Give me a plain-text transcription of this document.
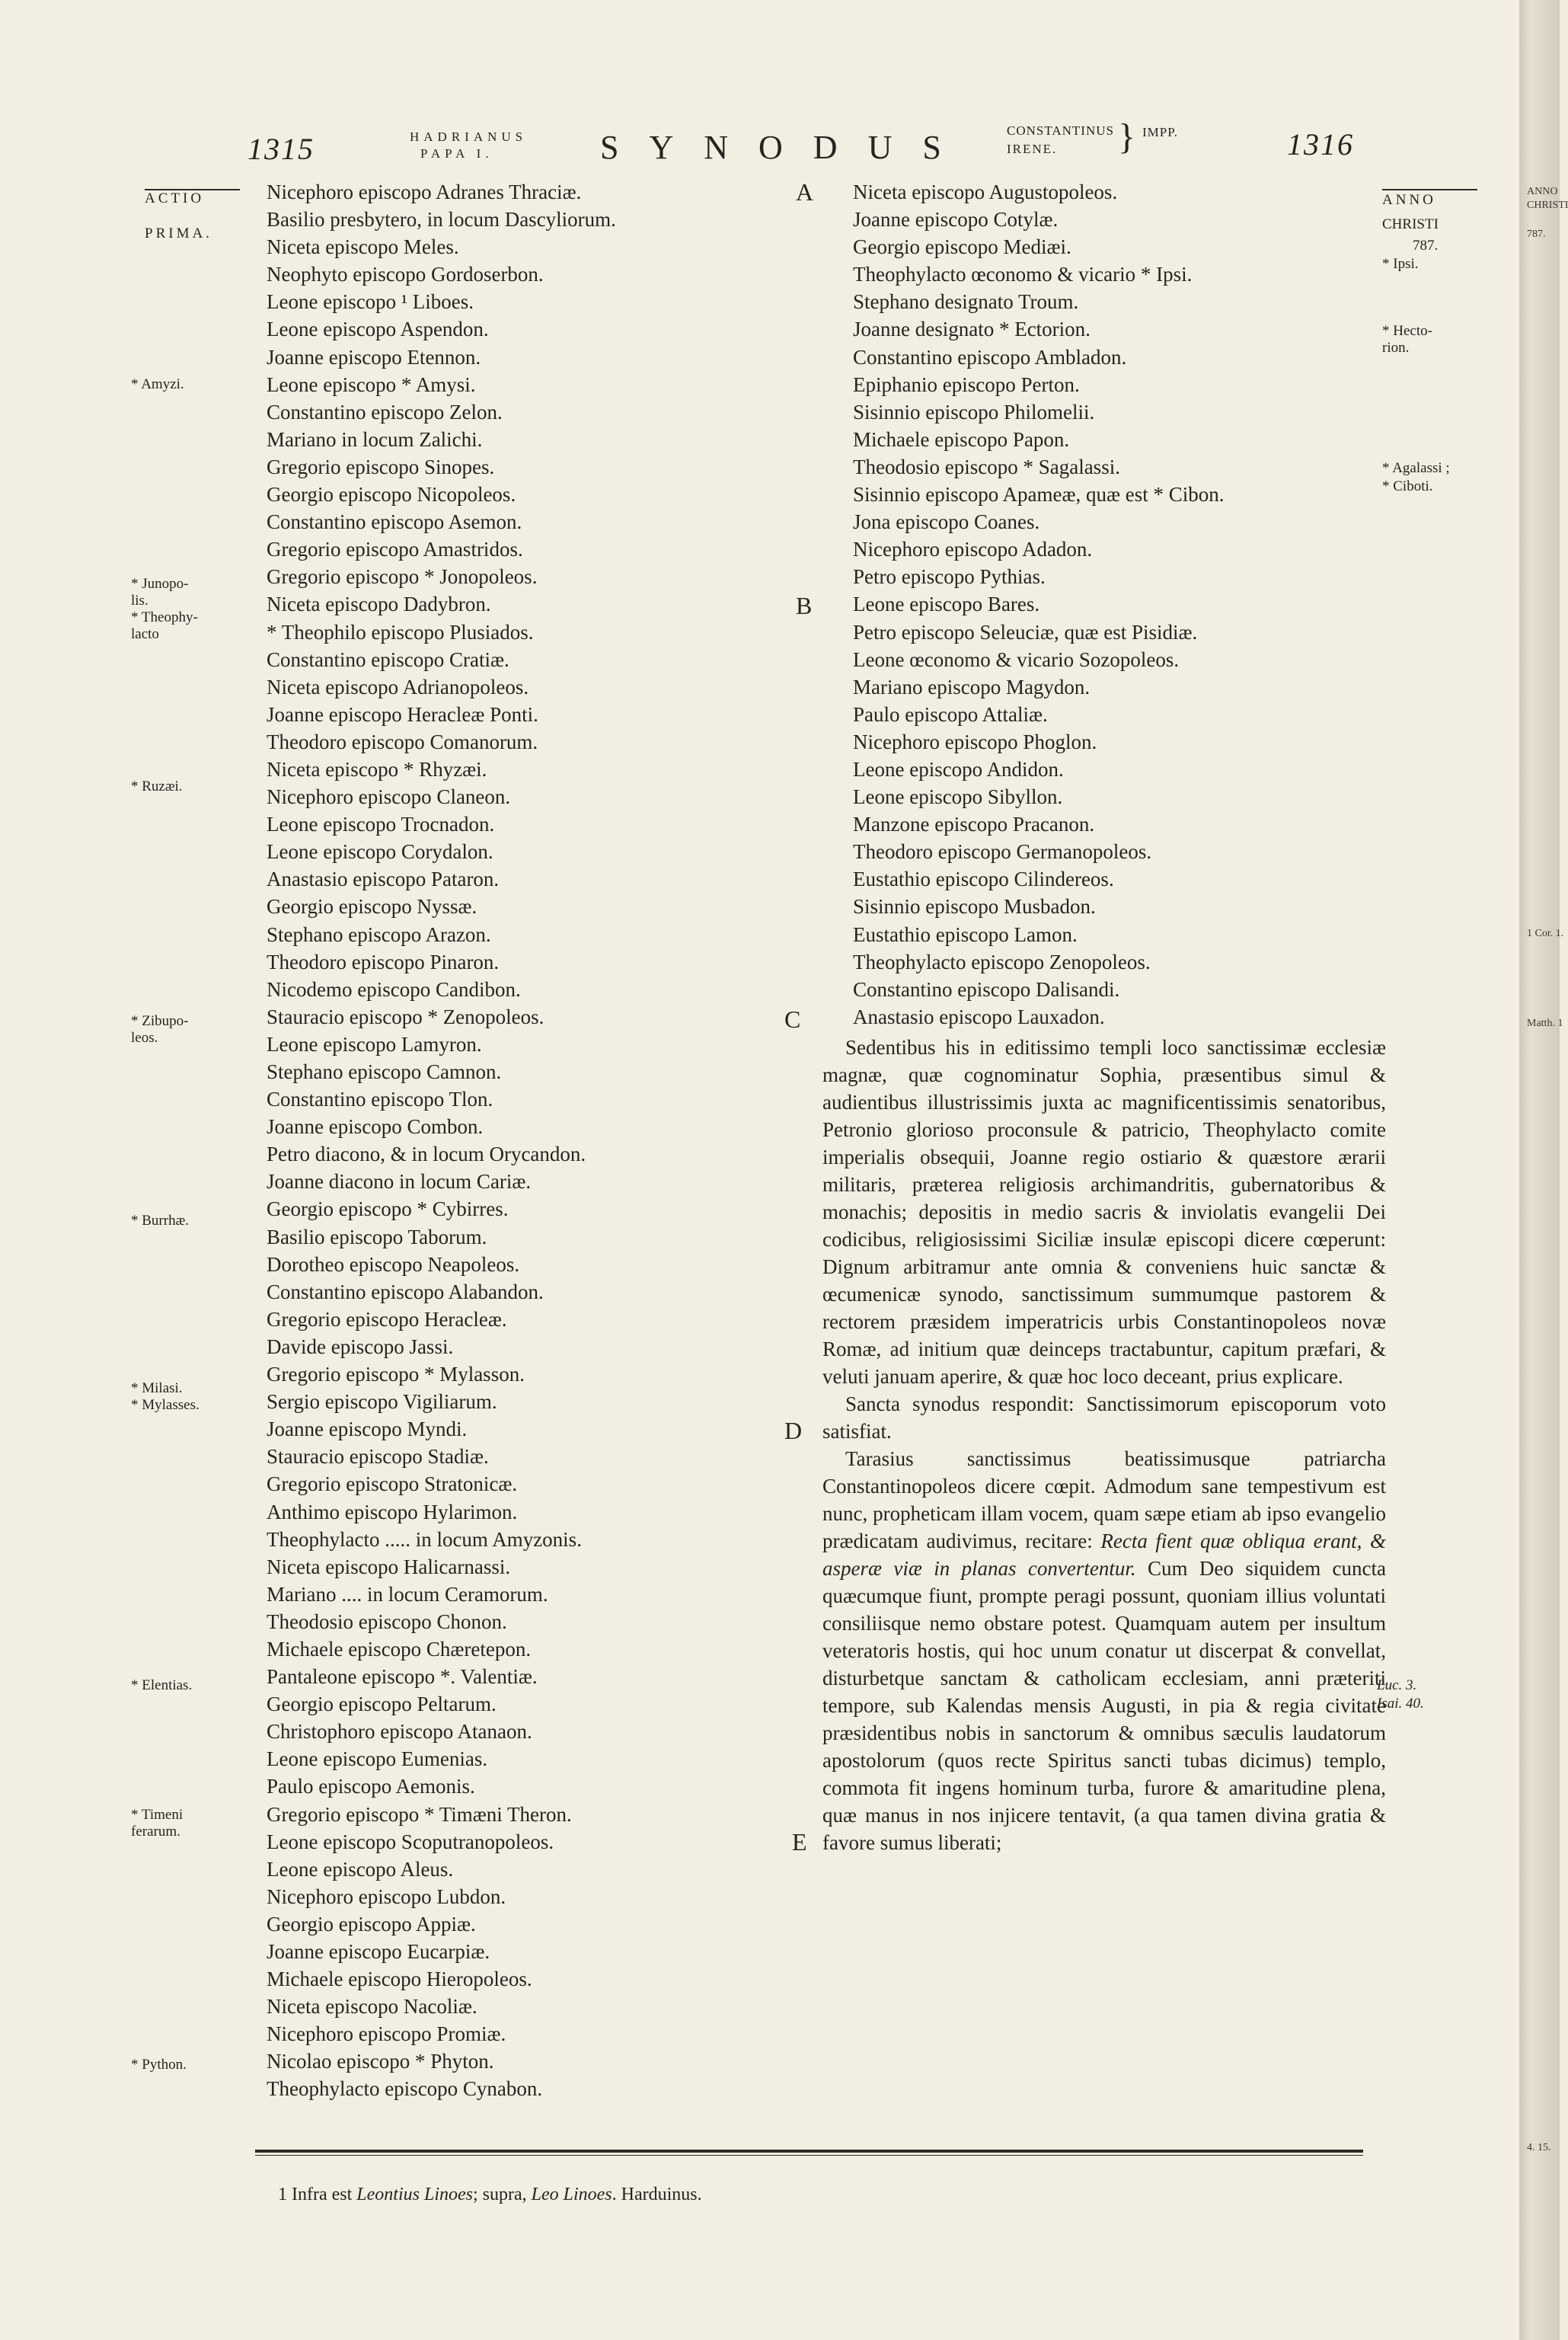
ANNO
CHRISTI
787.
1 Cor. 1.
Matth. 1
4. 15.
1315	HADRIANUS
PAPA I.	SYNODUS	CONSTANTINUS
IRENE. } IMPP.	1316
ACTIO
PRIMA.
* Amyzi.
* Junopo-
lis.
* Theophy-
lacto
* Ruzæi.
* Zibupo-
leos.
* Burrhæ.
* Milasi.
* Mylasses.
* Elentias.
* Timeni
ferarum.
* Python.
ANNO
CHRISTI
787.
* Ipsi.
* Hecto-
rion.
* Agalassi ;
* Ciboti.
Luc. 3.
Isai. 40.
A
B
C
D
E
Nicephoro episcopo Adranes Thraciæ.
Basilio presbytero, in locum Dascyliorum.
Niceta episcopo Meles.
Neophyto episcopo Gordoserbon.
Leone episcopo ¹ Liboes.
Leone episcopo Aspendon.
Joanne episcopo Etennon.
Leone episcopo * Amysi.
Constantino episcopo Zelon.
Mariano in locum Zalichi.
Gregorio episcopo Sinopes.
Georgio episcopo Nicopoleos.
Constantino episcopo Asemon.
Gregorio episcopo Amastridos.
Gregorio episcopo * Jonopoleos.
Niceta episcopo Dadybron.
* Theophilo episcopo Plusiados.
Constantino episcopo Cratiæ.
Niceta episcopo Adrianopoleos.
Joanne episcopo Heracleæ Ponti.
Theodoro episcopo Comanorum.
Niceta episcopo * Rhyzæi.
Nicephoro episcopo Claneon.
Leone episcopo Trocnadon.
Leone episcopo Corydalon.
Anastasio episcopo Pataron.
Georgio episcopo Nyssæ.
Stephano episcopo Arazon.
Theodoro episcopo Pinaron.
Nicodemo episcopo Candibon.
Stauracio episcopo * Zenopoleos.
Leone episcopo Lamyron.
Stephano episcopo Camnon.
Constantino episcopo Tlon.
Joanne episcopo Combon.
Petro diacono, & in locum Orycandon.
Joanne diacono in locum Cariæ.
Georgio episcopo * Cybirres.
Basilio episcopo Taborum.
Dorotheo episcopo Neapoleos.
Constantino episcopo Alabandon.
Gregorio episcopo Heracleæ.
Davide episcopo Jassi.
Gregorio episcopo * Mylasson.
Sergio episcopo Vigiliarum.
Joanne episcopo Myndi.
Stauracio episcopo Stadiæ.
Gregorio episcopo Stratonicæ.
Anthimo episcopo Hylarimon.
Theophylacto ..... in locum Amyzonis.
Niceta episcopo Halicarnassi.
Mariano .... in locum Ceramorum.
Theodosio episcopo Chonon.
Michaele episcopo Chæretepon.
Pantaleone episcopo *. Valentiæ.
Georgio episcopo Peltarum.
Christophoro episcopo Atanaon.
Leone episcopo Eumenias.
Paulo episcopo Aemonis.
Gregorio episcopo * Timæni Theron.
Leone episcopo Scoputranopoleos.
Leone episcopo Aleus.
Nicephoro episcopo Lubdon.
Georgio episcopo Appiæ.
Joanne episcopo Eucarpiæ.
Michaele episcopo Hieropoleos.
Niceta episcopo Nacoliæ.
Nicephoro episcopo Promiæ.
Nicolao episcopo * Phyton.
Theophylacto episcopo Cynabon.
Niceta episcopo Augustopoleos.
Joanne episcopo Cotylæ.
Georgio episcopo Mediæi.
Theophylacto œconomo & vicario * Ipsi.
Stephano designato Troum.
Joanne designato * Ectorion.
Constantino episcopo Ambladon.
Epiphanio episcopo Perton.
Sisinnio episcopo Philomelii.
Michaele episcopo Papon.
Theodosio episcopo * Sagalassi.
Sisinnio episcopo Apameæ, quæ est * Cibon.
Jona episcopo Coanes.
Nicephoro episcopo Adadon.
Petro episcopo Pythias.
Leone episcopo Bares.
Petro episcopo Seleuciæ, quæ est Pisidiæ.
Leone œconomo & vicario Sozopoleos.
Mariano episcopo Magydon.
Paulo episcopo Attaliæ.
Nicephoro episcopo Phoglon.
Leone episcopo Andidon.
Leone episcopo Sibyllon.
Manzone episcopo Pracanon.
Theodoro episcopo Germanopoleos.
Eustathio episcopo Cilindereos.
Sisinnio episcopo Musbadon.
Eustathio episcopo Lamon.
Theophylacto episcopo Zenopoleos.
Constantino episcopo Dalisandi.
Anastasio episcopo Lauxadon.

Sedentibus his in editissimo templi loco sanctissimæ ecclesiæ magnæ, quæ cognominatur Sophia, præsentibus simul & audientibus illustrissimis juxta ac magnificentissimis senatoribus, Petronio glorioso proconsule & patricio, Theophylacto comite imperialis obsequii, Joanne regio ostiario & quæstore ærarii militaris, præterea religiosis archimandritis, gubernatoribus & monachis; depositis in medio sacris & inviolatis evangelii Dei codicibus, religiosissimi Siciliæ insulæ episcopi dicere cœperunt: Dignum arbitramur ante omnia & conveniens huic sanctæ & œcumenicæ synodo, sanctissimum summumque pastorem & rectorem præsidem imperatricis urbis Constantinopoleos novæ Romæ, ad initium quæ deinceps tractabuntur, capitum præfari, & veluti januam aperire, & quæ hoc loco deceant, prius explicare.

Sancta synodus respondit: Sanctissimorum episcoporum voto satisfiat.

Tarasius sanctissimus beatissimusque patriarcha Constantinopoleos dicere cœpit. Admodum sane tempestivum est nunc, propheticam illam vocem, quam sæpe etiam ab ipso evangelio prædicatam audivimus, recitare: Recta fient quæ obliqua erant, & asperæ viæ in planas convertentur. Cum Deo siquidem cuncta quæcumque fiunt, prompte peragi possunt, quoniam illius voluntati consiliisque nemo obstare potest. Quamquam autem per insultum veteratoris hostis, qui hoc unum conatur ut discerpat & convellat, disturbetque sanctam & catholicam ecclesiam, anni præteriti tempore, sub Kalendas mensis Augusti, in pia & regia civitate præsidentibus nobis in sanctorum & omnibus sæculis laudatorum apostolorum (quos recte Spiritus sancti tubas dicimus) templo, commota fit ingens hominum turba, furore & amaritudine plena, quæ manus in nos injicere tentavit, (a qua tamen divina gratia & favore sumus liberati;

1 Infra est Leontius Linoes; supra, Leo Linoes. Harduinus.
